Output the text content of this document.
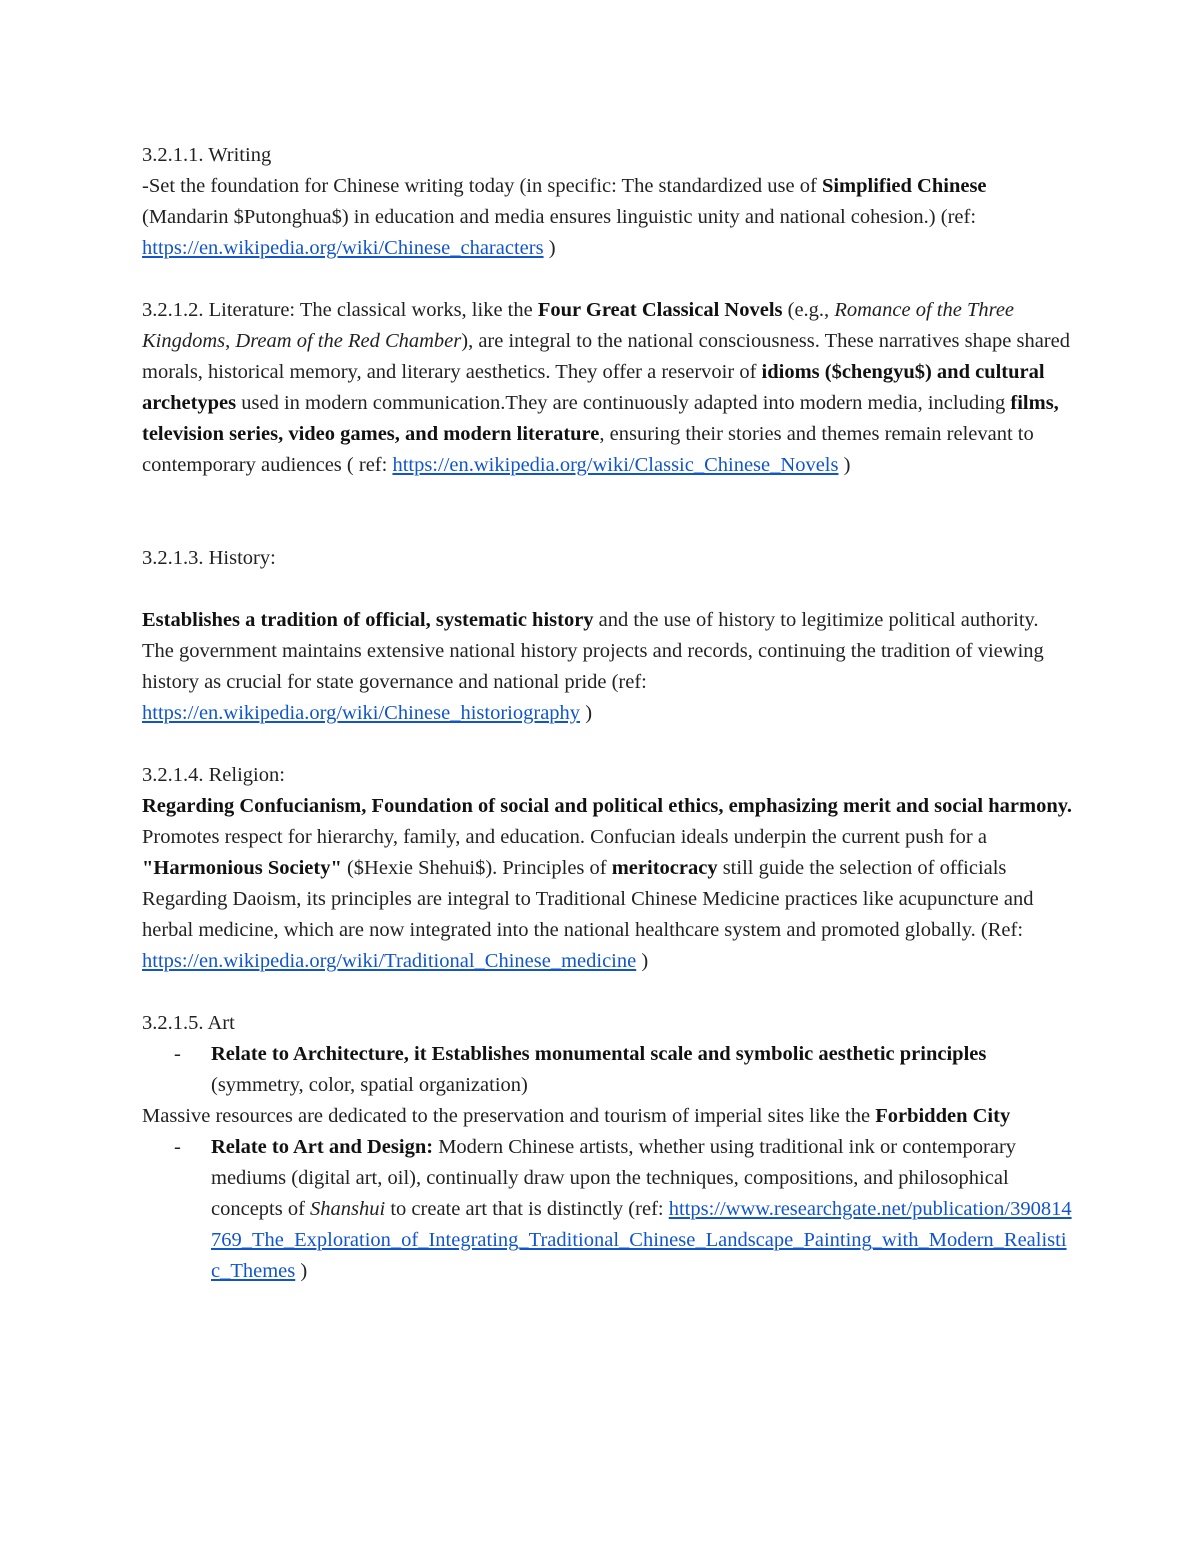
3.2.1.1. Writing

-Set the foundation for Chinese writing today (in specific: The standardized use of Simplified Chinese (Mandarin $Putonghua$) in education and media ensures linguistic unity and national cohesion.) (ref: https://en.wikipedia.org/wiki/Chinese_characters )

3.2.1.2. Literature: The classical works, like the Four Great Classical Novels (e.g., Romance of the Three Kingdoms, Dream of the Red Chamber), are integral to the national consciousness. These narratives shape shared morals, historical memory, and literary aesthetics. They offer a reservoir of idioms ($chengyu$) and cultural archetypes used in modern communication.They are continuously adapted into modern media, including films, television series, video games, and modern literature, ensuring their stories and themes remain relevant to contemporary audiences ( ref: https://en.wikipedia.org/wiki/Classic_Chinese_Novels )

3.2.1.3. History:

Establishes a tradition of official, systematic history and the use of history to legitimize political authority. The government maintains extensive national history projects and records, continuing the tradition of viewing history as crucial for state governance and national pride (ref: https://en.wikipedia.org/wiki/Chinese_historiography )

3.2.1.4. Religion:

Regarding Confucianism, Foundation of social and political ethics, emphasizing merit and social harmony. Promotes respect for hierarchy, family, and education. Confucian ideals underpin the current push for a "Harmonious Society" ($Hexie Shehui$). Principles of meritocracy still guide the selection of officials

Regarding Daoism, its principles are integral to Traditional Chinese Medicine practices like acupuncture and herbal medicine, which are now integrated into the national healthcare system and promoted globally. (Ref: https://en.wikipedia.org/wiki/Traditional_Chinese_medicine )

3.2.1.5. Art

- Relate to Architecture, it Establishes monumental scale and symbolic aesthetic principles (symmetry, color, spatial organization)

Massive resources are dedicated to the preservation and tourism of imperial sites like the Forbidden City

- Relate to Art and Design: Modern Chinese artists, whether using traditional ink or contemporary mediums (digital art, oil), continually draw upon the techniques, compositions, and philosophical concepts of Shanshui to create art that is distinctly (ref: https://www.researchgate.net/publication/390814769_The_Exploration_of_Integrating_Traditional_Chinese_Landscape_Painting_with_Modern_Realistic_Themes )
